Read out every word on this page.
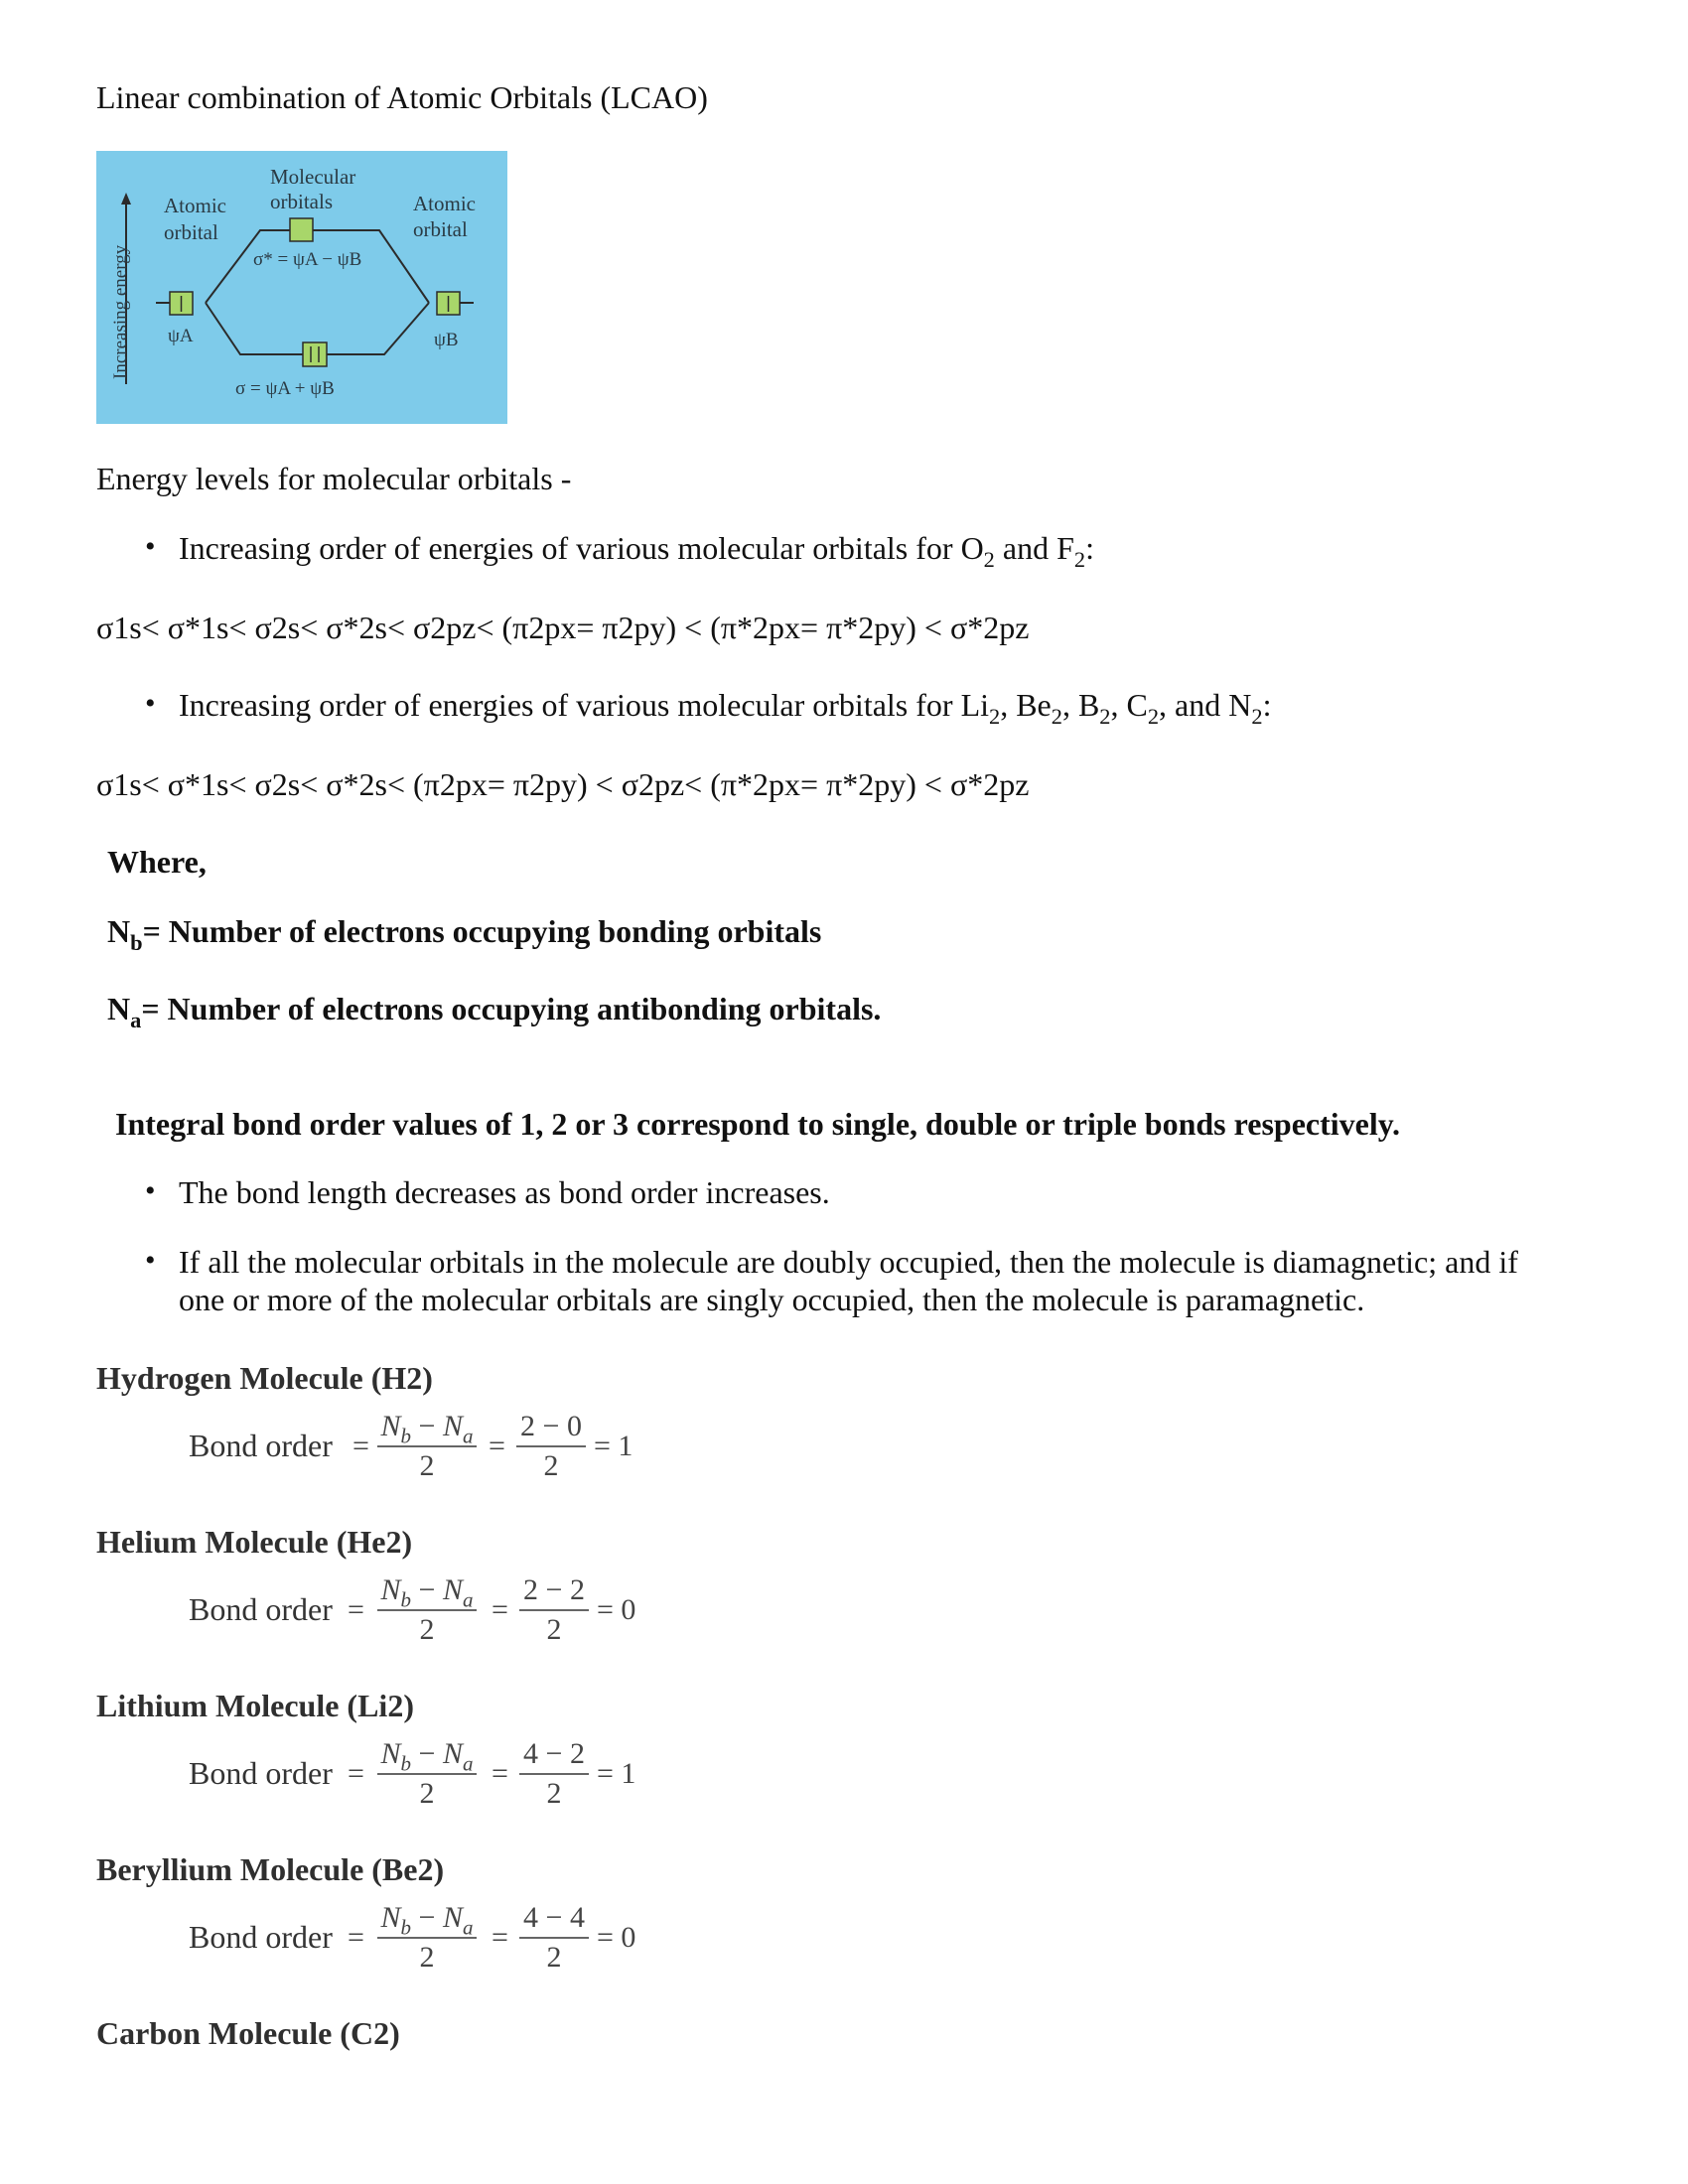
Linear combination of Atomic Orbitals (LCAO)
Increasing energy
Atomic
orbital
Molecular
orbitals	Atomic
orbital
σ* = ψA − ψB
σ = ψA + ψB
ψA	ψB
Energy levels for molecular orbitals -
• Increasing order of energies of various molecular orbitals for $O_2$ and $F_2$:
σ1s< σ*1s< σ2s< σ*2s< σ2pz< (π2px= π2py) < (π*2px= π*2py) < σ*2pz
• Increasing order of energies of various molecular orbitals for $Li_2$, $Be_2$, $B_2$, $C_2$, and $N_2$:
σ1s< σ*1s< σ2s< σ*2s< (π2px= π2py) < σ2pz< (π*2px= π*2py) < σ*2pz
Where,
$N_b=$ Number of electrons occupying bonding orbitals
$N_a=$ Number of electrons occupying antibonding orbitals.
Integral bond order values of 1, 2 or 3 correspond to single, double or triple bonds respectively.
• The bond length decreases as bond order increases.
• If all the molecular orbitals in the molecule are doubly occupied, then the molecule is diamagnetic; and if
one or more of the molecular orbitals are singly occupied, then the molecule is paramagnetic.
Hydrogen Molecule (H2)
Bond order =
$N_b - N_a$
2
=
2 − 0
2
= 1
Helium Molecule (He2)
Bond order =
$N_b - N_a$
2
=
2 − 2
2
= 0
Lithium Molecule (Li2)
Bond order =
$N_b - N_a$
2
=
4 − 2
2
= 1
Beryllium Molecule (Be2)
Bond order =
$N_b - N_a$
2
=
4 − 4
2
= 0
Carbon Molecule (C2)
